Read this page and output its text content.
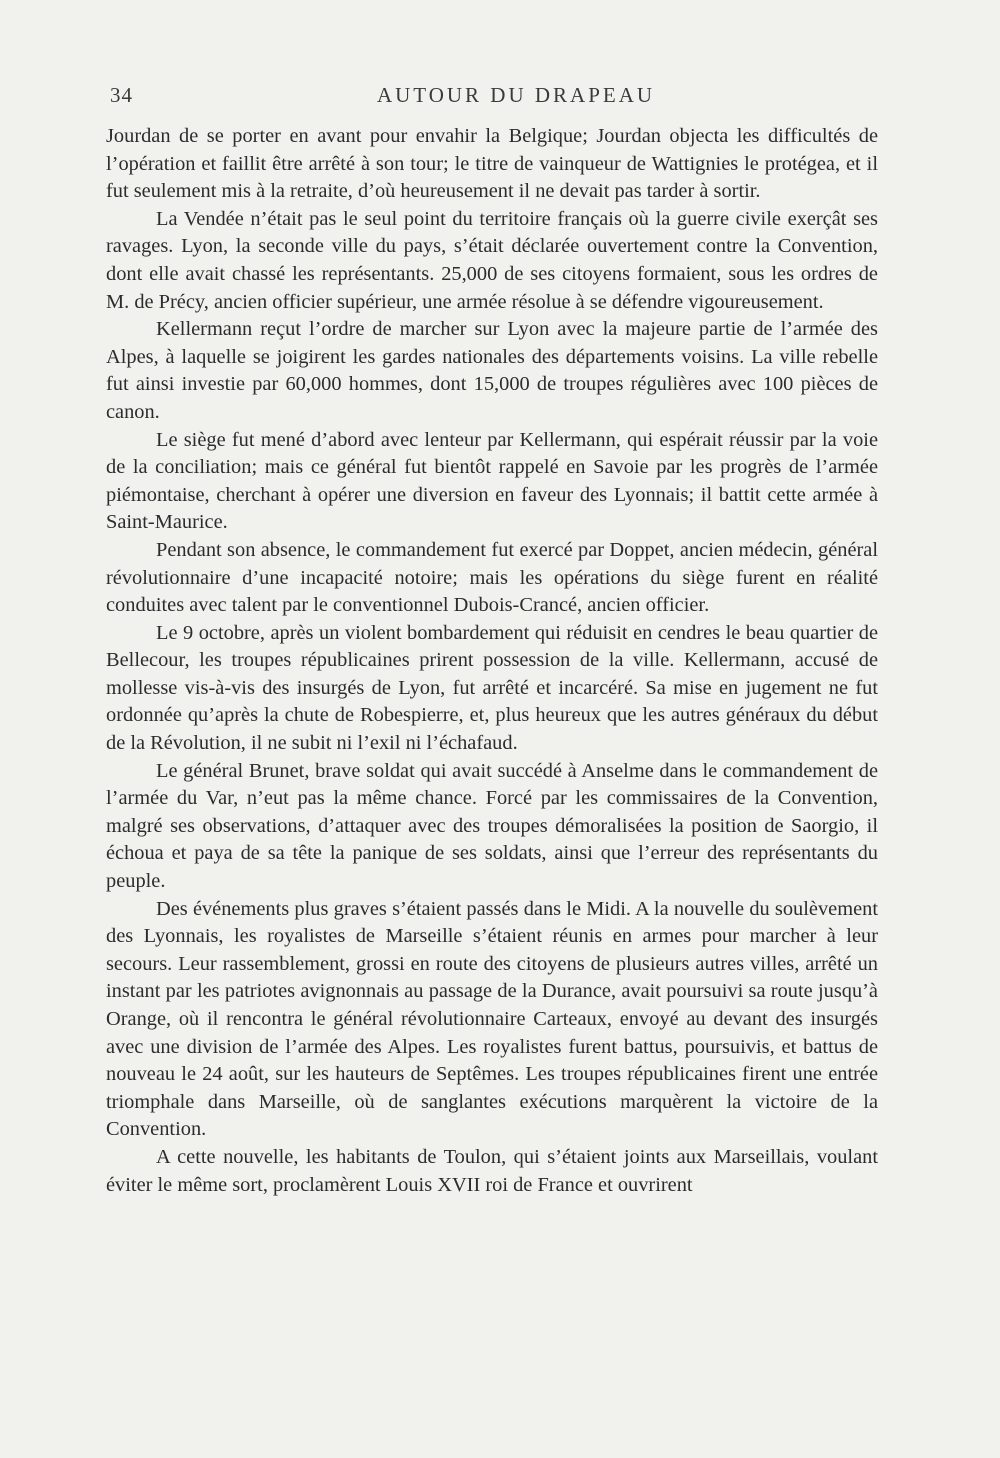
34	AUTOUR DU DRAPEAU

Jourdan de se porter en avant pour envahir la Belgique; Jourdan objecta les difficultés de l’opération et faillit être arrêté à son tour; le titre de vainqueur de Wattignies le protégea, et il fut seulement mis à la retraite, d’où heureusement il ne devait pas tarder à sortir.

La Vendée n’était pas le seul point du territoire français où la guerre civile exerçât ses ravages. Lyon, la seconde ville du pays, s’était déclarée ouvertement contre la Convention, dont elle avait chassé les représentants. 25,000 de ses citoyens formaient, sous les ordres de M. de Précy, ancien officier supérieur, une armée résolue à se défendre vigoureusement.

Kellermann reçut l’ordre de marcher sur Lyon avec la majeure partie de l’armée des Alpes, à laquelle se joigirent les gardes nationales des départements voisins. La ville rebelle fut ainsi investie par 60,000 hommes, dont 15,000 de troupes régulières avec 100 pièces de canon.

Le siège fut mené d’abord avec lenteur par Kellermann, qui espérait réussir par la voie de la conciliation; mais ce général fut bientôt rappelé en Savoie par les progrès de l’armée piémontaise, cherchant à opérer une diversion en faveur des Lyonnais; il battit cette armée à Saint-Maurice.

Pendant son absence, le commandement fut exercé par Doppet, ancien médecin, général révolutionnaire d’une incapacité notoire; mais les opérations du siège furent en réalité conduites avec talent par le conventionnel Dubois-Crancé, ancien officier.

Le 9 octobre, après un violent bombardement qui réduisit en cendres le beau quartier de Bellecour, les troupes républicaines prirent possession de la ville. Kellermann, accusé de mollesse vis-à-vis des insurgés de Lyon, fut arrêté et incarcéré. Sa mise en jugement ne fut ordonnée qu’après la chute de Robespierre, et, plus heureux que les autres généraux du début de la Révolution, il ne subit ni l’exil ni l’échafaud.

Le général Brunet, brave soldat qui avait succédé à Anselme dans le commandement de l’armée du Var, n’eut pas la même chance. Forcé par les commissaires de la Convention, malgré ses observations, d’attaquer avec des troupes démoralisées la position de Saorgio, il échoua et paya de sa tête la panique de ses soldats, ainsi que l’erreur des représentants du peuple.

Des événements plus graves s’étaient passés dans le Midi. A la nouvelle du soulèvement des Lyonnais, les royalistes de Marseille s’étaient réunis en armes pour marcher à leur secours. Leur rassemblement, grossi en route des citoyens de plusieurs autres villes, arrêté un instant par les patriotes avignonnais au passage de la Durance, avait poursuivi sa route jusqu’à Orange, où il rencontra le général révolutionnaire Carteaux, envoyé au devant des insurgés avec une division de l’armée des Alpes. Les royalistes furent battus, poursuivis, et battus de nouveau le 24 août, sur les hauteurs de Septêmes. Les troupes républicaines firent une entrée triomphale dans Marseille, où de sanglantes exécutions marquèrent la victoire de la Convention.

A cette nouvelle, les habitants de Toulon, qui s’étaient joints aux Marseillais, voulant éviter le même sort, proclamèrent Louis XVII roi de France et ouvrirent
